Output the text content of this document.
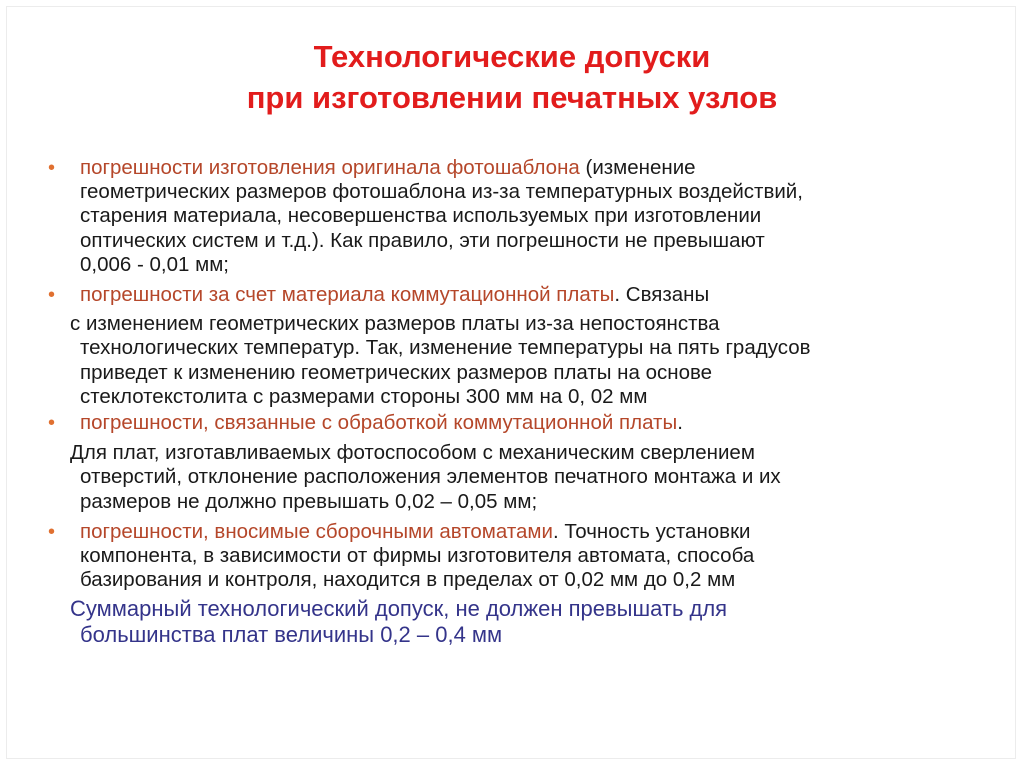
Технологические допуски
при изготовлении печатных узлов
• погрешности изготовления оригинала фотошаблона (изменение
геометрических размеров фотошаблона из-за температурных воздействий,
старения материала, несовершенства используемых при изготовлении
оптических систем и т.д.). Как правило, эти погрешности не превышают
0,006 - 0,01 мм;
• погрешности за счет материала коммутационной платы. Связаны
с изменением геометрических размеров платы из-за непостоянства
технологических температур. Так, изменение температуры на пять градусов
приведет к изменению геометрических размеров платы на основе
стеклотекстолита с размерами стороны 300 мм на 0, 02 мм
• погрешности, связанные с обработкой коммутационной платы.
Для плат, изготавливаемых фотоспособом с механическим сверлением
отверстий, отклонение расположения элементов печатного монтажа и их
размеров не должно превышать 0,02 – 0,05 мм;
• погрешности, вносимые сборочными автоматами. Точность установки
компонента, в зависимости от фирмы изготовителя автомата, способа
базирования и контроля, находится в пределах от 0,02 мм до 0,2 мм
Суммарный технологический допуск, не должен превышать для
большинства плат величины 0,2 – 0,4 мм
